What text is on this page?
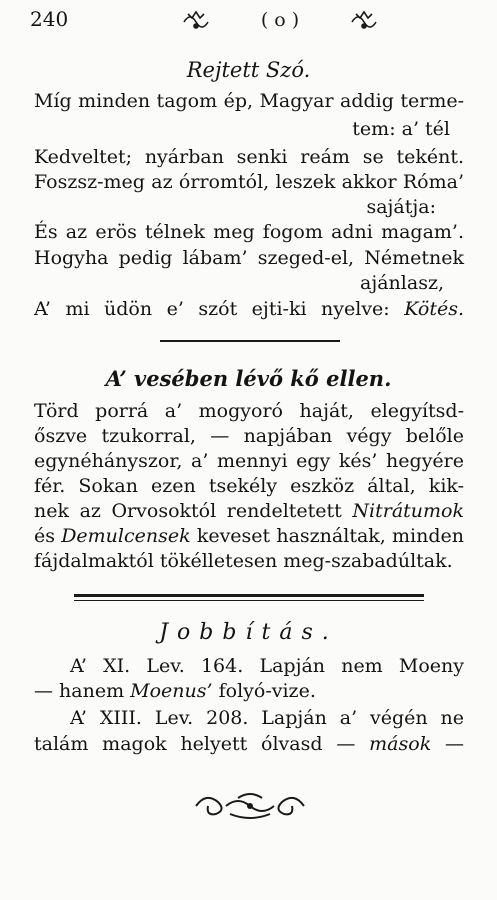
240	( o )
Rejtett Szó.
Míg minden tagom ép, Magyar addig terme-
tem: a’ tél
Kedveltet; nyárban senki reám se teként.
Foszsz-meg az órromtól, leszek akkor Róma’
sajátja:
És az erös télnek meg fogom adni magam’.
Hogyha pedig lábam’ szeged-el, Németnek
ajánlasz,
A’ mi üdön e’ szót ejti-ki nyelve: Kötés.
A’ vesében lévő kő ellen.
Törd porrá a’ mogyoró haját, elegyítsd-
őszve tzukorral, — napjában végy belőle
egynéhányszor, a’ mennyi egy kés’ hegyére
fér. Sokan ezen tsekély eszköz által, kik-
nek az Orvosoktól rendeltetett Nitrátumok
és Demulcensek keveset használtak, minden
fájdalmaktól tökélletesen meg-szabadúltak.
Jobbítás.
A’ XI. Lev. 164. Lapján nem Moeny
— hanem Moenus’ folyó-vize.
A’ XIII. Lev. 208. Lapján a’ végén ne
talám magok helyett ólvasd — mások —
